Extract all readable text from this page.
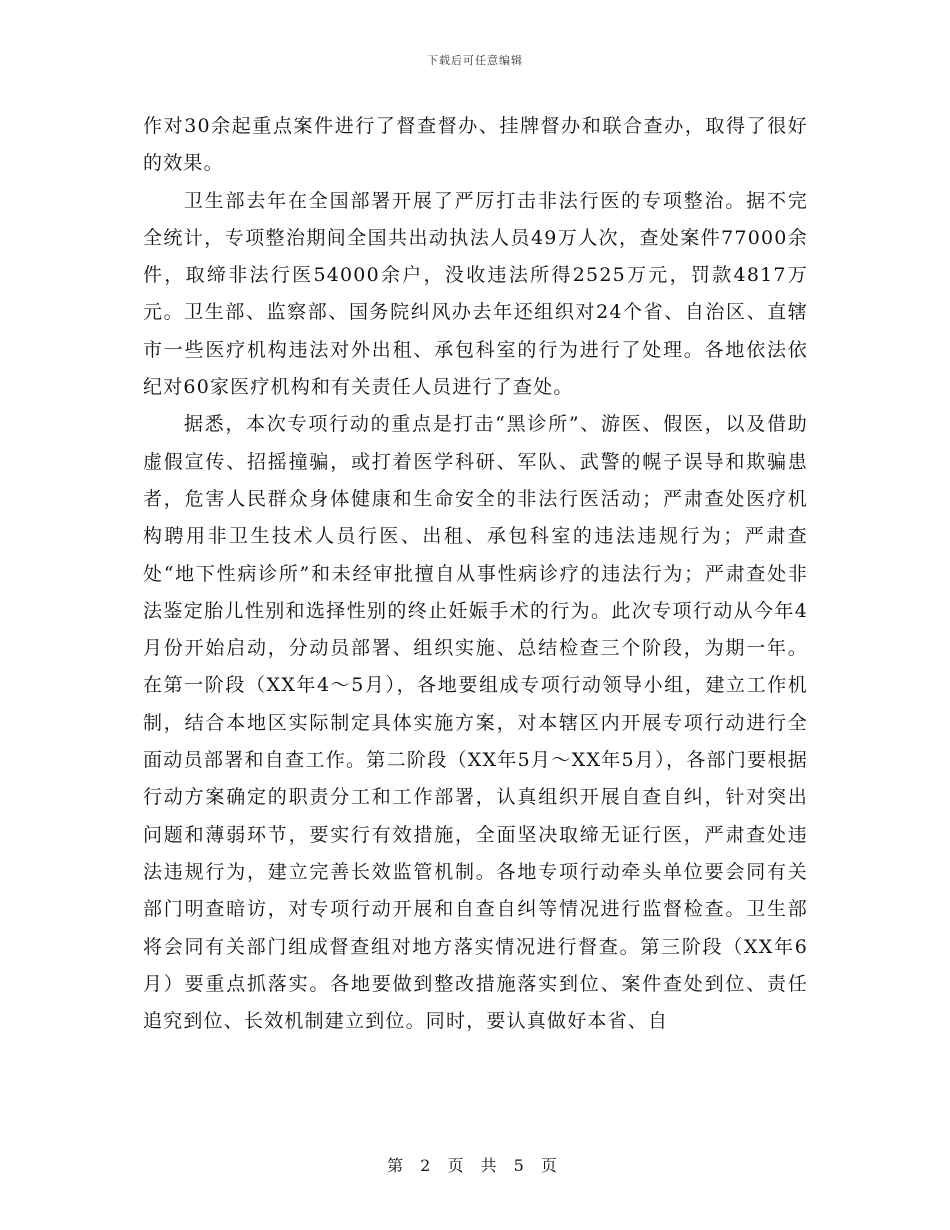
下载后可任意编辑

作对30余起重点案件进行了督查督办、挂牌督办和联合查办，取得了很好的效果。

卫生部去年在全国部署开展了严厉打击非法行医的专项整治。据不完全统计，专项整治期间全国共出动执法人员49万人次，查处案件77000余件，取缔非法行医54000余户，没收违法所得2525万元，罚款4817万元。卫生部、监察部、国务院纠风办去年还组织对24个省、自治区、直辖市一些医疗机构违法对外出租、承包科室的行为进行了处理。各地依法依纪对60家医疗机构和有关责任人员进行了查处。

据悉，本次专项行动的重点是打击“黑诊所”、游医、假医，以及借助虚假宣传、招摇撞骗，或打着医学科研、军队、武警的幌子误导和欺骗患者，危害人民群众身体健康和生命安全的非法行医活动；严肃查处医疗机构聘用非卫生技术人员行医、出租、承包科室的违法违规行为；严肃查处“地下性病诊所”和未经审批擅自从事性病诊疗的违法行为；严肃查处非法鉴定胎儿性别和选择性别的终止妊娠手术的行为。此次专项行动从今年4月份开始启动，分动员部署、组织实施、总结检查三个阶段，为期一年。在第一阶段（XX年4～5月），各地要组成专项行动领导小组，建立工作机制，结合本地区实际制定具体实施方案，对本辖区内开展专项行动进行全面动员部署和自查工作。第二阶段（XX年5月～XX年5月），各部门要根据行动方案确定的职责分工和工作部署，认真组织开展自查自纠，针对突出问题和薄弱环节，要实行有效措施，全面坚决取缔无证行医，严肃查处违法违规行为，建立完善长效监管机制。各地专项行动牵头单位要会同有关部门明查暗访，对专项行动开展和自查自纠等情况进行监督检查。卫生部将会同有关部门组成督查组对地方落实情况进行督查。第三阶段（XX年6月）要重点抓落实。各地要做到整改措施落实到位、案件查处到位、责任追究到位、长效机制建立到位。同时，要认真做好本省、自

第 2 页 共 5 页
